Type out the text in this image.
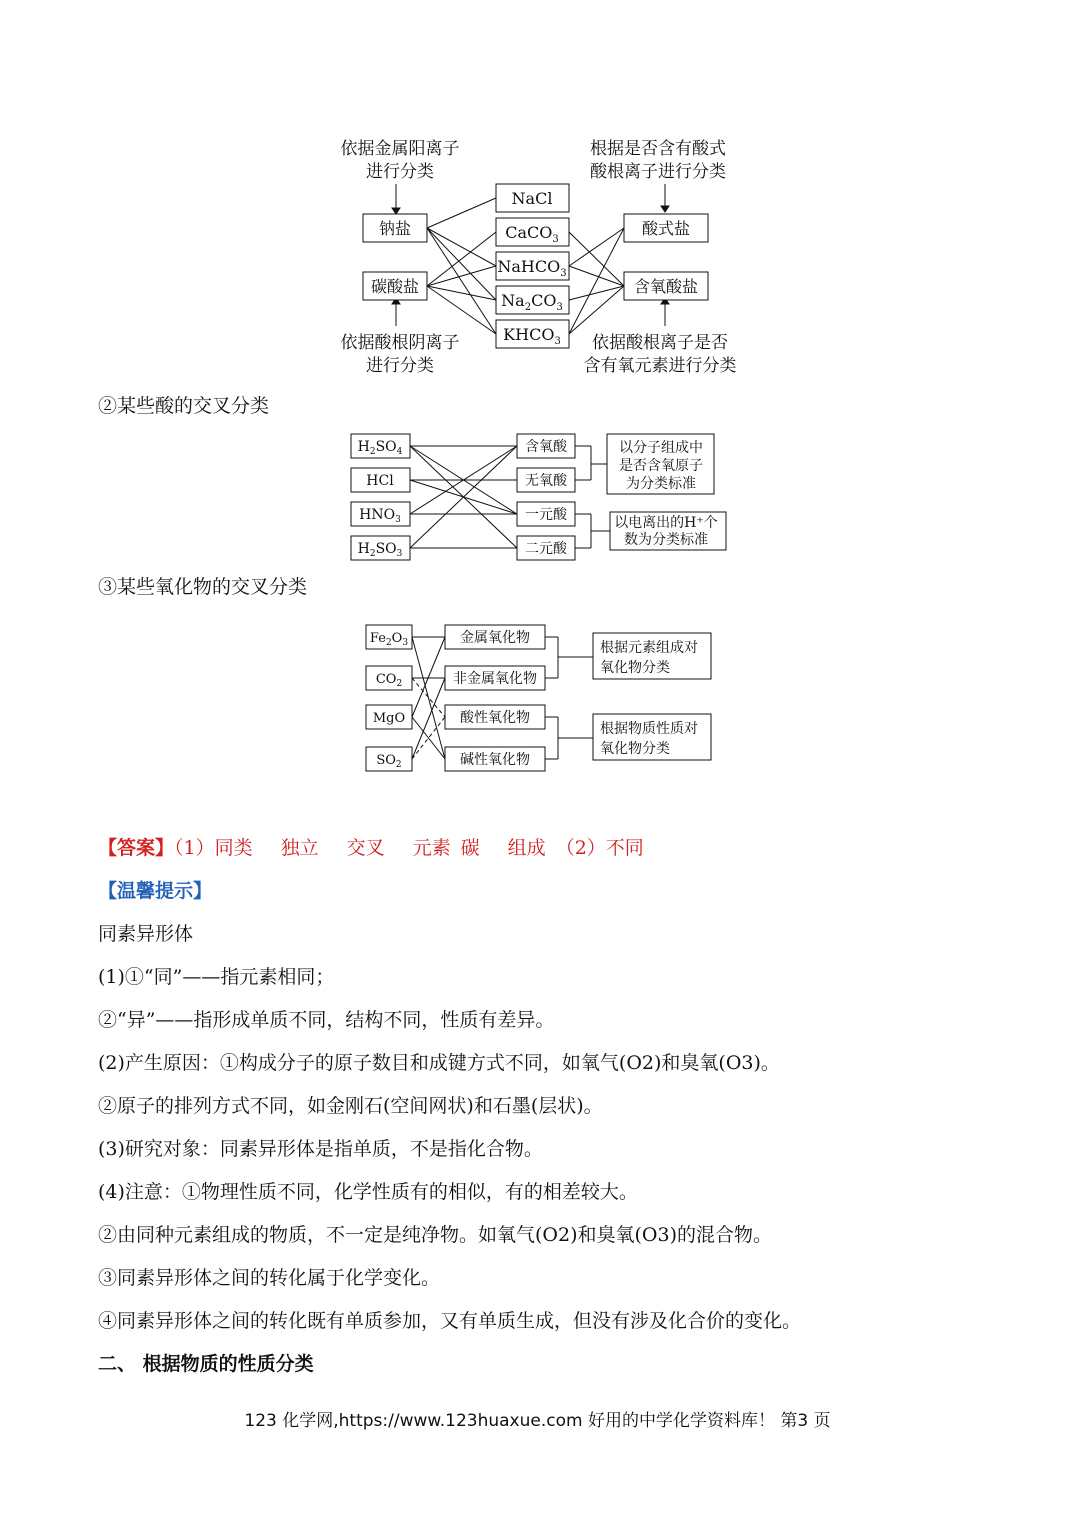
依据金属阳离子
进行分类
根据是否含有酸式
酸根离子进行分类
依据酸根阴离子
进行分类
依据酸根离子是否
含有氧元素进行分类
钠盐
碳酸盐
酸式盐
含氧酸盐
NaCl
CaCO$_3$
NaHCO$_3$
$Na_2CO_3$
$KHCO_3$
②某些酸的交叉分类
$H_2SO_4$
HCl
$HNO_3$
$H_2SO_3$
含氧酸
无氧酸
一元酸
二元酸
以分子组成中
是否含氧原子
为分类标准
以电离出的H⁺个
数为分类标准
③某些氧化物的交叉分类
$Fe_2O_3$
$CO_2$
MgO
$SO_2$
金属氧化物
非金属氧化物
酸性氧化物
碱性氧化物
根据元素组成对
氧化物分类
根据物质性质对
氧化物分类
【答案】（1）同类 独立 交叉 元素 碳 组成 （2）不同
【温馨提示】
同素异形体
(1)①“同”——指元素相同；
②“异”——指形成单质不同，结构不同，性质有差异。
(2)产生原因：①构成分子的原子数目和成键方式不同，如氧气(O2)和臭氧(O3)。
②原子的排列方式不同，如金刚石(空间网状)和石墨(层状)。
(3)研究对象：同素异形体是指单质，不是指化合物。
(4)注意：①物理性质不同，化学性质有的相似，有的相差较大。
②由同种元素组成的物质，不一定是纯净物。如氧气(O2)和臭氧(O3)的混合物。
③同素异形体之间的转化属于化学变化。
④同素异形体之间的转化既有单质参加，又有单质生成，但没有涉及化合价的变化。
二、 根据物质的性质分类
123 化学网,https://www.123huaxue.com 好用的中学化学资料库！ 第3 页
